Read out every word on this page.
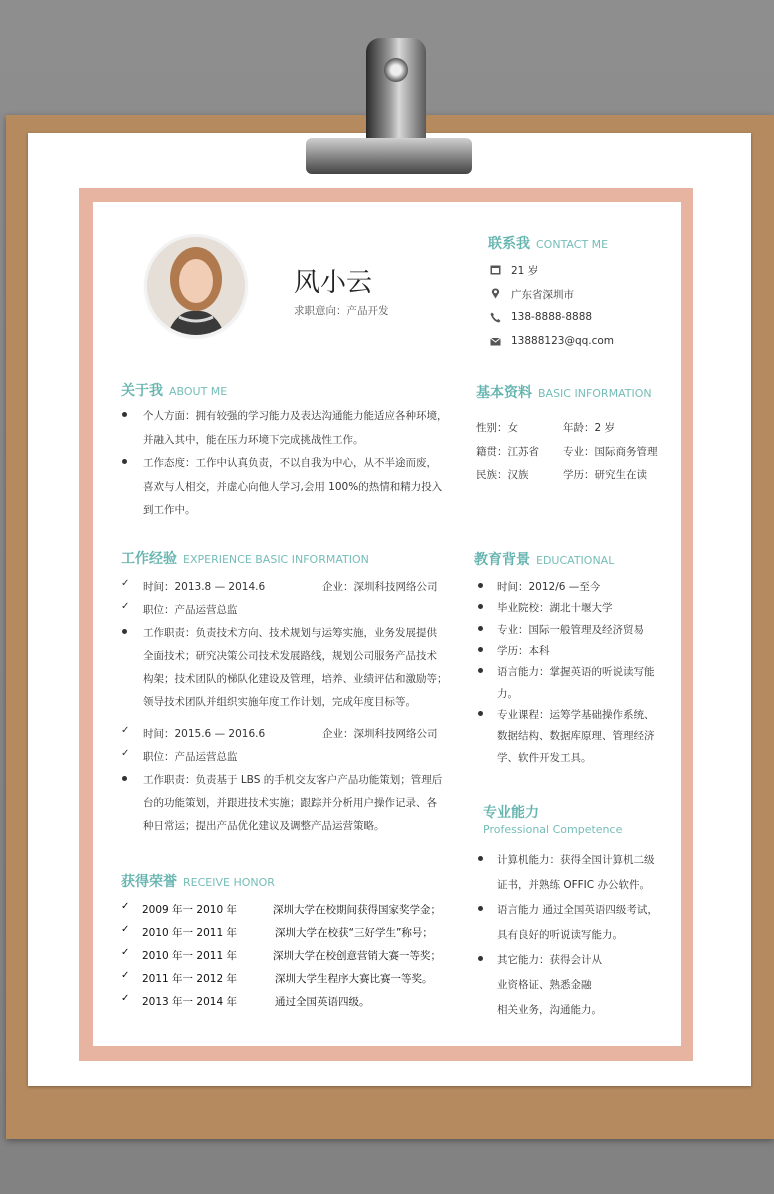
风小云
求职意向：产品开发
联系我 CONTACT ME
21 岁
广东省深圳市
138-8888-8888
13888123@qq.com
关于我 ABOUT ME
个人方面：拥有较强的学习能力及表达沟通能力能适应各种环境，
并融入其中，能在压力环境下完成挑战性工作。
工作态度：工作中认真负责，不以自我为中心，从不半途而废，
喜欢与人相交，并虚心向他人学习,会用 100%的热情和精力投入
到工作中。
基本资料 BASIC INFORMATION
性别：女	年龄：2 岁
籍贯：江苏省 专业：国际商务管理
民族：汉族	学历：研究生在读
工作经验 EXPERIENCE BASIC INFORMATION
✓ 时间：2013.8 — 2014.6	企业：深圳科技网络公司
✓ 职位：产品运营总监
工作职责：负责技术方向、技术规划与运筹实施，业务发展提供
全面技术；研究决策公司技术发展路线，规划公司服务产品技术
构架；技术团队的梯队化建设及管理，培养、业绩评估和激励等；
领导技术团队并组织实施年度工作计划，完成年度目标等。
✓ 时间：2015.6 — 2016.6	企业：深圳科技网络公司
✓ 职位：产品运营总监
工作职责：负责基于 LBS 的手机交友客户产品功能策划；管理后
台的功能策划，并跟进技术实施；跟踪并分析用户操作记录、各
种日常运；提出产品优化建议及调整产品运营策略。
教育背景 EDUCATIONAL
时间：2012/6 —至今
毕业院校：湖北十堰大学
专业：国际一般管理及经济贸易
学历：本科
语言能力：掌握英语的听说读写能
力。
专业课程：运筹学基础操作系统、
数据结构、数据库原理、管理经济
学、软件开发工具。
专业能力
Professional Competence
计算机能力：获得全国计算机二级
证书，并熟练 OFFIC 办公软件。
语言能力 通过全国英语四级考试，
具有良好的听说读写能力。
其它能力：获得会计从
业资格证、熟悉金融
相关业务，沟通能力。
获得荣誉 RECEIVE HONOR
✓ 2009 年一 2010 年	深圳大学在校期间获得国家奖学金；
✓ 2010 年一 2011 年	深圳大学在校获“三好学生”称号；
✓ 2010 年一 2011 年	深圳大学在校创意营销大赛一等奖；
✓ 2011 年一 2012 年	深圳大学生程序大赛比赛一等奖。
✓ 2013 年一 2014 年	通过全国英语四级。
